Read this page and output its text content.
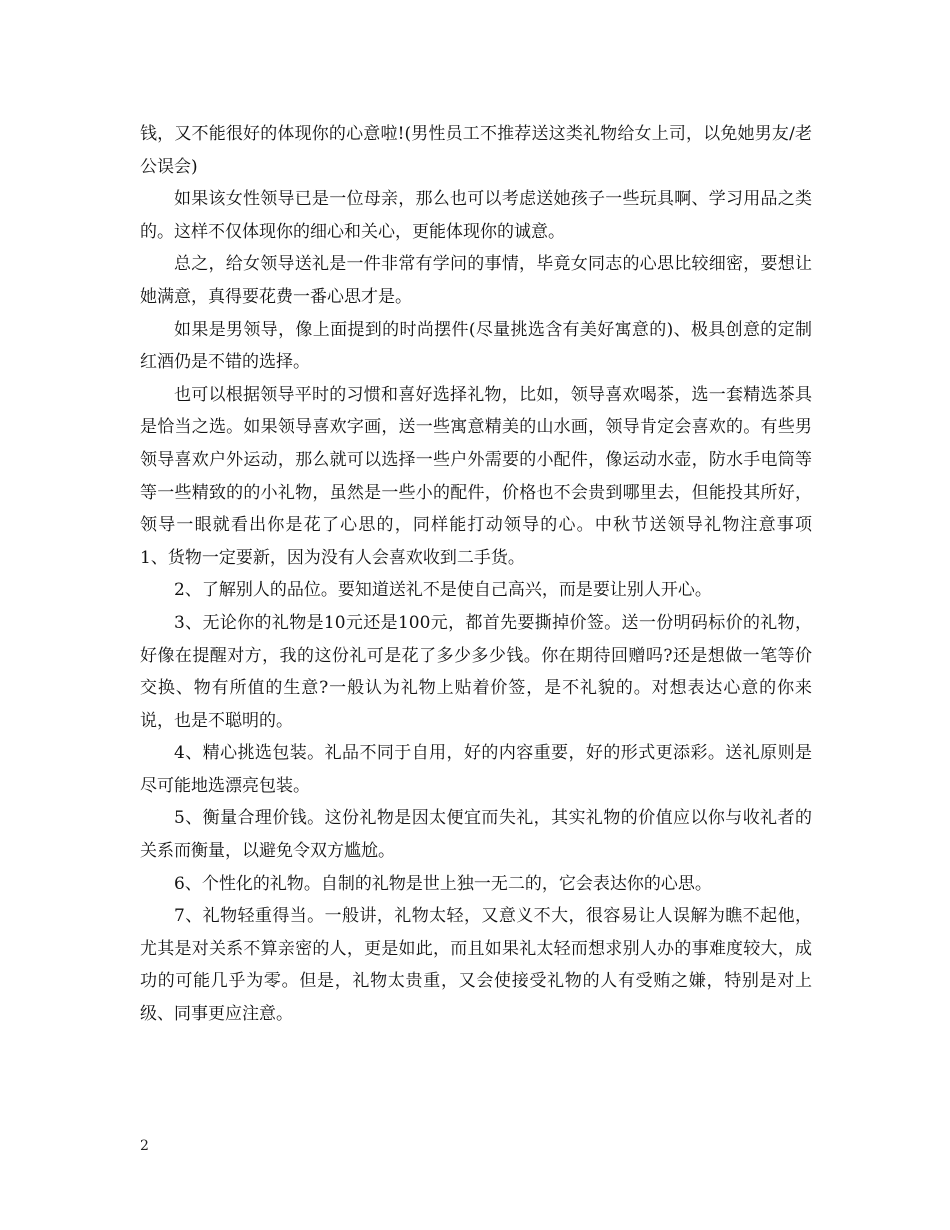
钱，又不能很好的体现你的心意啦!(男性员工不推荐送这类礼物给女上司，以免她男友/老公误会)

如果该女性领导已是一位母亲，那么也可以考虑送她孩子一些玩具啊、学习用品之类的。这样不仅体现你的细心和关心，更能体现你的诚意。

总之，给女领导送礼是一件非常有学问的事情，毕竟女同志的心思比较细密，要想让她满意，真得要花费一番心思才是。

如果是男领导，像上面提到的时尚摆件(尽量挑选含有美好寓意的)、极具创意的定制红酒仍是不错的选择。

也可以根据领导平时的习惯和喜好选择礼物，比如，领导喜欢喝茶，选一套精选茶具是恰当之选。如果领导喜欢字画，送一些寓意精美的山水画，领导肯定会喜欢的。有些男领导喜欢户外运动，那么就可以选择一些户外需要的小配件，像运动水壶，防水手电筒等等一些精致的的小礼物，虽然是一些小的配件，价格也不会贵到哪里去，但能投其所好，领导一眼就看出你是花了心思的，同样能打动领导的心。中秋节送领导礼物注意事项　　1、货物一定要新，因为没有人会喜欢收到二手货。

2、了解别人的品位。要知道送礼不是使自己高兴，而是要让别人开心。

3、无论你的礼物是10元还是100元，都首先要撕掉价签。送一份明码标价的礼物，好像在提醒对方，我的这份礼可是花了多少多少钱。你在期待回赠吗?还是想做一笔等价交换、物有所值的生意?一般认为礼物上贴着价签，是不礼貌的。对想表达心意的你来说，也是不聪明的。

4、精心挑选包装。礼品不同于自用，好的内容重要，好的形式更添彩。送礼原则是尽可能地选漂亮包装。

5、衡量合理价钱。这份礼物是因太便宜而失礼，其实礼物的价值应以你与收礼者的关系而衡量，以避免令双方尴尬。

6、个性化的礼物。自制的礼物是世上独一无二的，它会表达你的心思。

7、礼物轻重得当。一般讲，礼物太轻，又意义不大，很容易让人误解为瞧不起他，尤其是对关系不算亲密的人，更是如此，而且如果礼太轻而想求别人办的事难度较大，成功的可能几乎为零。但是，礼物太贵重，又会使接受礼物的人有受贿之嫌，特别是对上级、同事更应注意。

2
